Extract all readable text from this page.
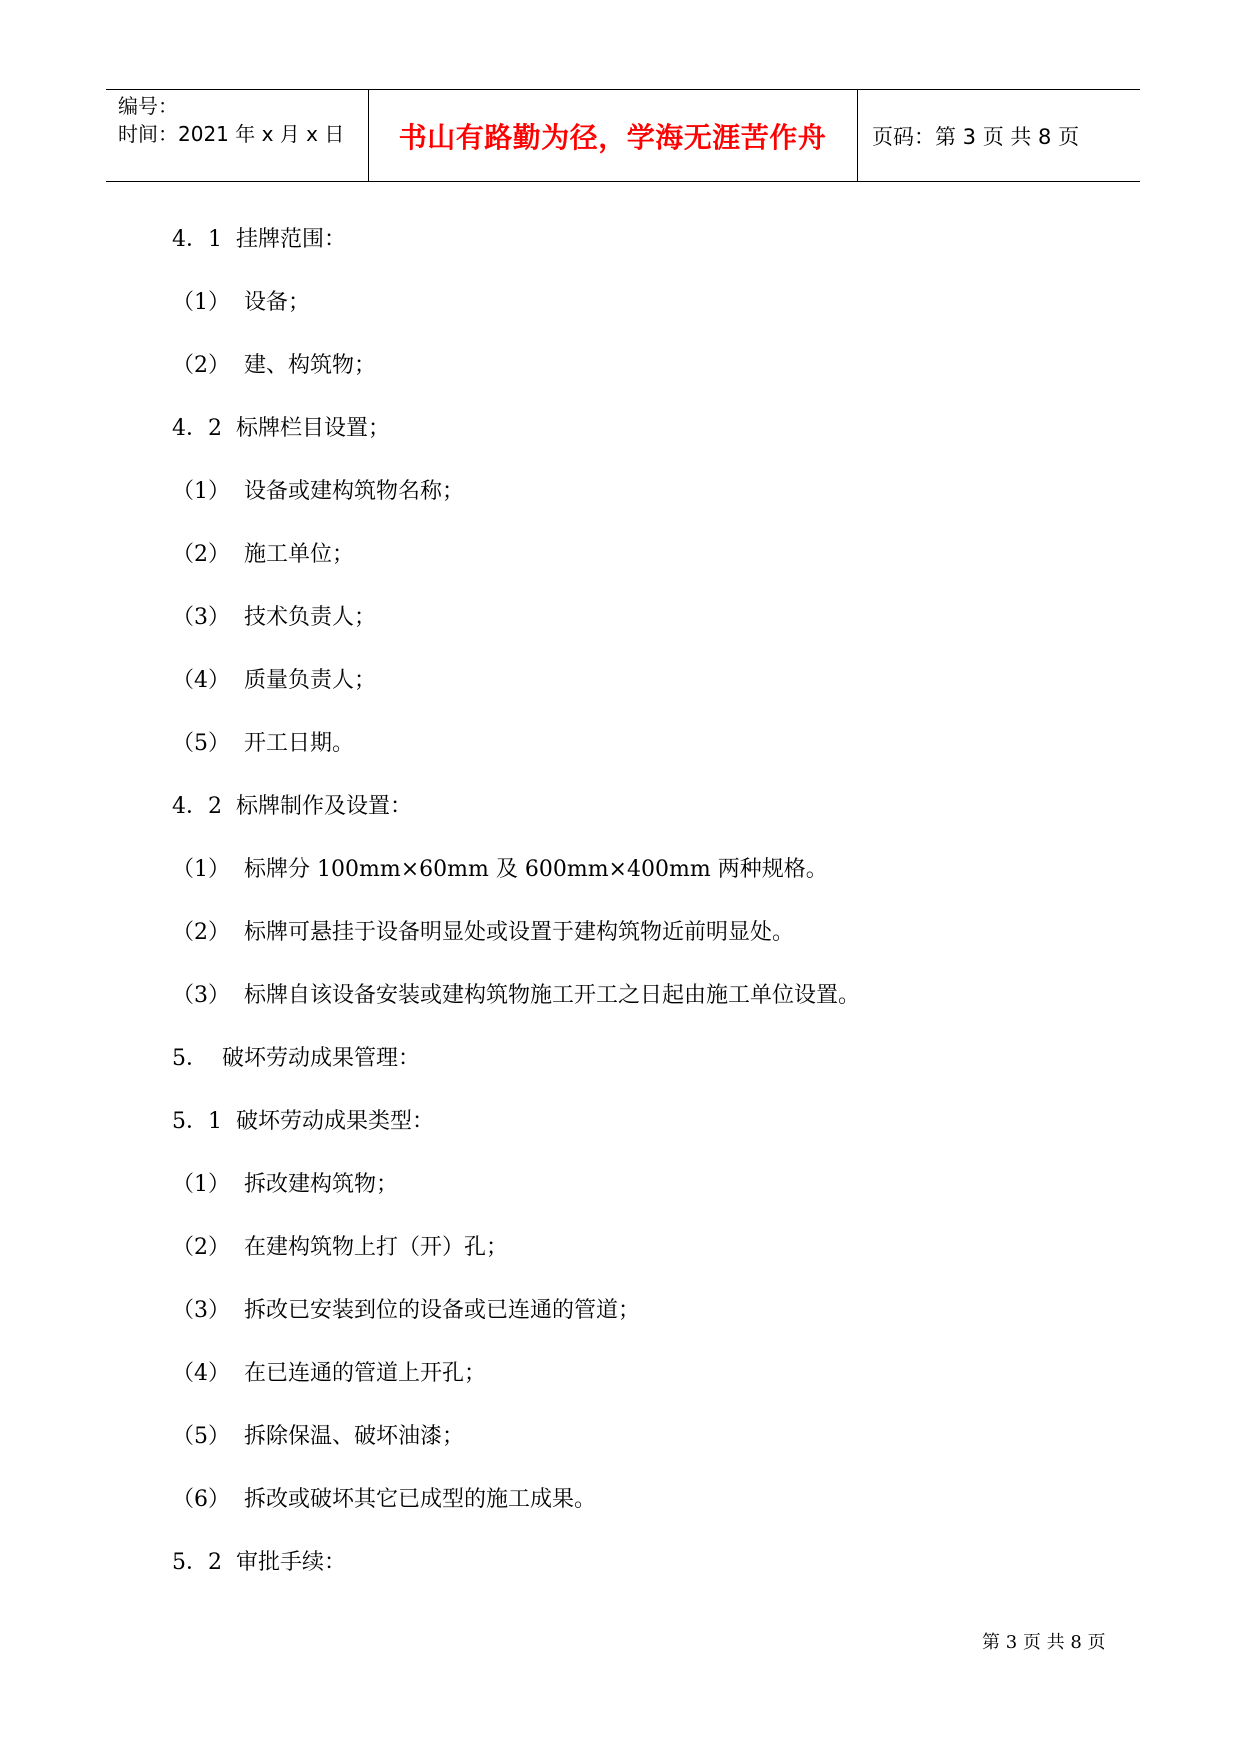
编号：
时间：2021 年 x 月 x 日	书山有路勤为径，学海无涯苦作舟	页码：第 3 页 共 8 页
4．1 挂牌范围：
（1） 设备；
（2） 建、构筑物；
4．2 标牌栏目设置；
（1） 设备或建构筑物名称；
（2） 施工单位；
（3） 技术负责人；
（4） 质量负责人；
（5） 开工日期。
4．2 标牌制作及设置：
（1） 标牌分 100mm×60mm 及 600mm×400mm 两种规格。
（2） 标牌可悬挂于设备明显处或设置于建构筑物近前明显处。
（3） 标牌自该设备安装或建构筑物施工开工之日起由施工单位设置。
5． 破坏劳动成果管理：
5．1 破坏劳动成果类型：
（1） 拆改建构筑物；
（2） 在建构筑物上打（开）孔；
（3） 拆改已安装到位的设备或已连通的管道；
（4） 在已连通的管道上开孔；
（5） 拆除保温、破坏油漆；
（6） 拆改或破坏其它已成型的施工成果。
5．2 审批手续：
第 3 页 共 8 页
